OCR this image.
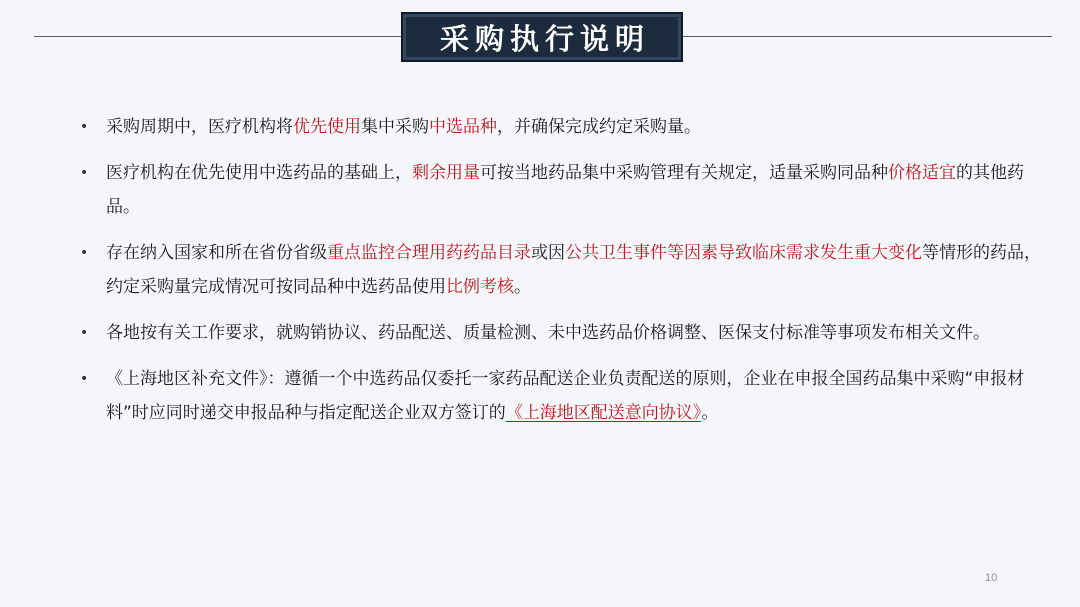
采购执行说明
• 采购周期中，医疗机构将优先使用集中采购中选品种，并确保完成约定采购量。
• 医疗机构在优先使用中选药品的基础上，剩余用量可按当地药品集中采购管理有关规定，适量采购同品种价格适宜的其他药品。
• 存在纳入国家和所在省份省级重点监控合理用药药品目录或因公共卫生事件等因素导致临床需求发生重大变化等情形的药品，约定采购量完成情况可按同品种中选药品使用比例考核。
• 各地按有关工作要求，就购销协议、药品配送、质量检测、未中选药品价格调整、医保支付标准等事项发布相关文件。
• 《上海地区补充文件》：遵循一个中选药品仅委托一家药品配送企业负责配送的原则，企业在申报全国药品集中采购“申报材料”时应同时递交申报品种与指定配送企业双方签订的《上海地区配送意向协议》。
10
